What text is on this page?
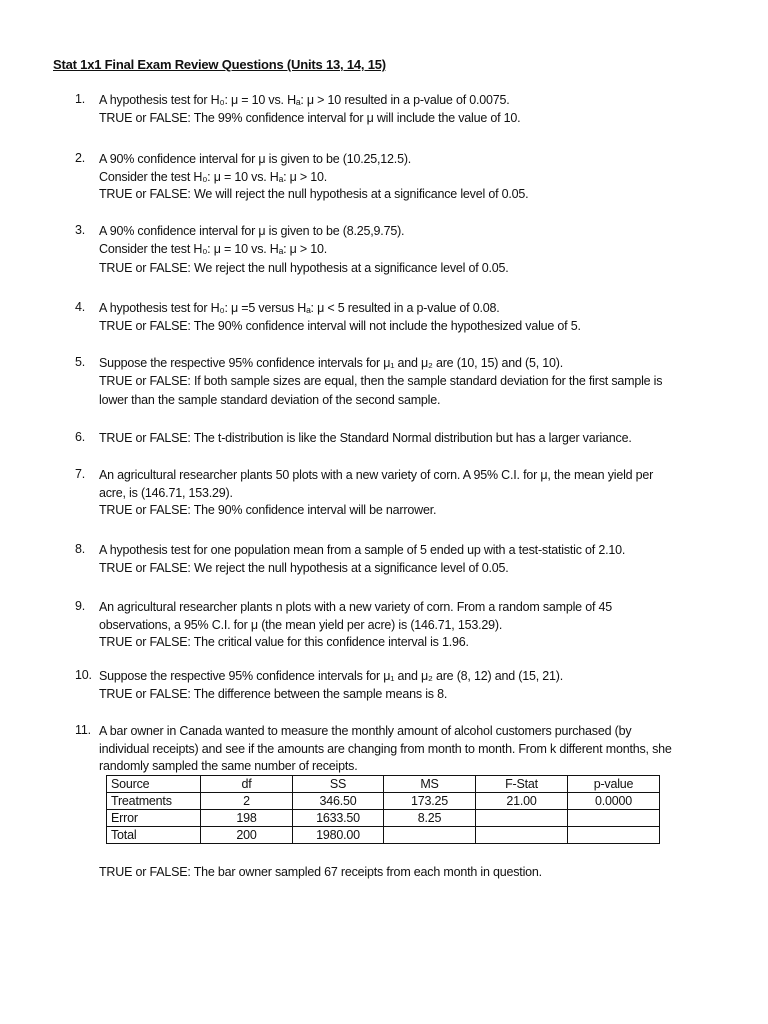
Stat 1x1 Final Exam Review Questions (Units 13, 14, 15)
1.	A hypothesis test for H₀: μ = 10 vs. Hₐ: μ > 10 resulted in a p-value of 0.0075.
TRUE or FALSE: The 99% confidence interval for μ will include the value of 10.
2.	A 90% confidence interval for μ is given to be (10.25,12.5).
Consider the test H₀: μ = 10 vs. Hₐ: μ > 10.
TRUE or FALSE: We will reject the null hypothesis at a significance level of 0.05.
3.	A 90% confidence interval for μ is given to be (8.25,9.75).
Consider the test H₀: μ = 10 vs. Hₐ: μ > 10.
TRUE or FALSE: We reject the null hypothesis at a significance level of 0.05.
4.	A hypothesis test for H₀: μ =5 versus Hₐ: μ < 5 resulted in a p-value of 0.08.
TRUE or FALSE: The 90% confidence interval will not include the hypothesized value of 5.
5.	Suppose the respective 95% confidence intervals for μ₁ and μ₂ are (10, 15) and (5, 10).
TRUE or FALSE: If both sample sizes are equal, then the sample standard deviation for the first sample is
lower than the sample standard deviation of the second sample.
6.	TRUE or FALSE: The t-distribution is like the Standard Normal distribution but has a larger variance.
7.	An agricultural researcher plants 50 plots with a new variety of corn. A 95% C.I. for μ, the mean yield per
acre, is (146.71, 153.29).
TRUE or FALSE: The 90% confidence interval will be narrower.
8.	A hypothesis test for one population mean from a sample of 5 ended up with a test-statistic of 2.10.
TRUE or FALSE: We reject the null hypothesis at a significance level of 0.05.
9.	An agricultural researcher plants n plots with a new variety of corn. From a random sample of 45
observations, a 95% C.I. for μ (the mean yield per acre) is (146.71, 153.29).
TRUE or FALSE: The critical value for this confidence interval is 1.96.
10. Suppose the respective 95% confidence intervals for μ₁ and μ₂ are (8, 12) and (15, 21).
TRUE or FALSE: The difference between the sample means is 8.
11. A bar owner in Canada wanted to measure the monthly amount of alcohol customers purchased (by
individual receipts) and see if the amounts are changing from month to month. From k different months, she
randomly sampled the same number of receipts.
Source	df	SS	MS	F-Stat	p-value
Treatments	2	346.50	173.25	21.00	0.0000
Error	198	1633.50	8.25		
Total	200	1980.00			
TRUE or FALSE: The bar owner sampled 67 receipts from each month in question.
